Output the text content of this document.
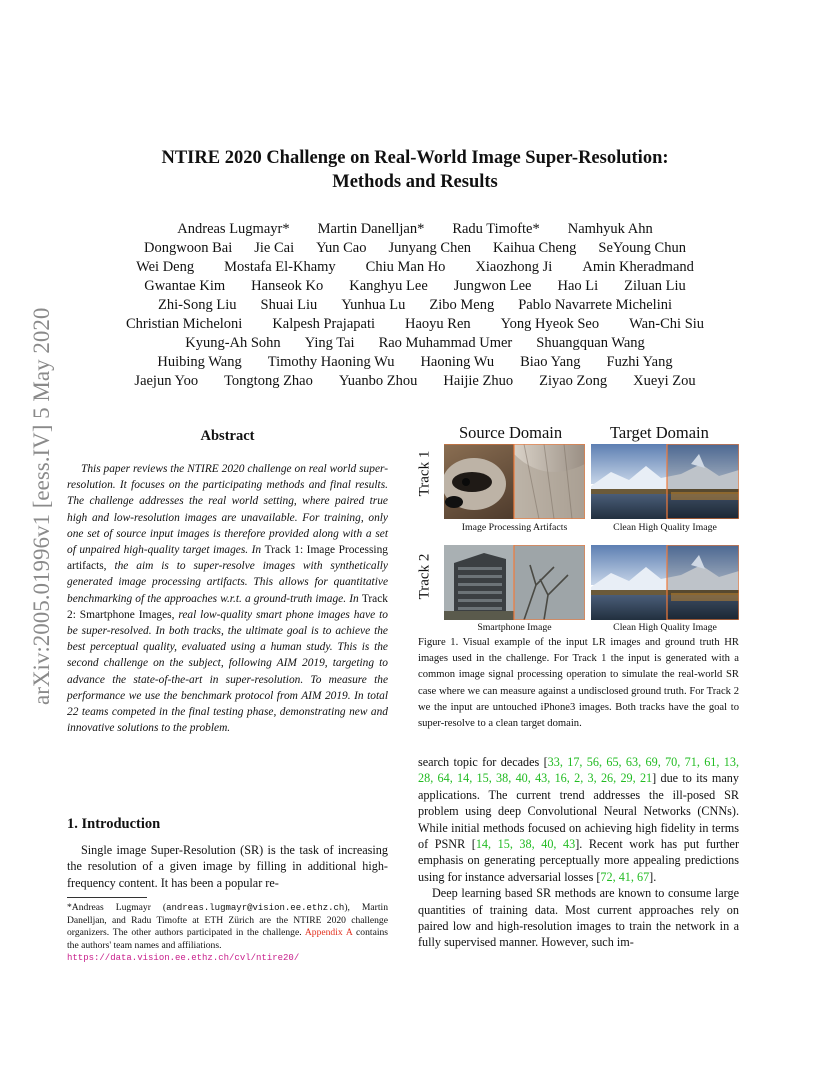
arXiv:2005.01996v1 [eess.IV] 5 May 2020
NTIRE 2020 Challenge on Real-World Image Super-Resolution:
Methods and Results
Andreas Lugmayr* Martin Danelljan* Radu Timofte* Namhyuk Ahn
Dongwoon Bai Jie Cai Yun Cao Junyang Chen Kaihua Cheng SeYoung Chun
Wei Deng Mostafa El-Khamy Chiu Man Ho Xiaozhong Ji Amin Kheradmand
Gwantae Kim Hanseok Ko Kanghyu Lee Jungwon Lee Hao Li Ziluan Liu
Zhi-Song Liu Shuai Liu Yunhua Lu Zibo Meng Pablo Navarrete Michelini
Christian Micheloni Kalpesh Prajapati Haoyu Ren Yong Hyeok Seo Wan-Chi Siu
Kyung-Ah Sohn Ying Tai Rao Muhammad Umer Shuangquan Wang
Huibing Wang Timothy Haoning Wu Haoning Wu Biao Yang Fuzhi Yang
Jaejun Yoo Tongtong Zhao Yuanbo Zhou Haijie Zhuo Ziyao Zong Xueyi Zou
Abstract
This paper reviews the NTIRE 2020 challenge on real world super-resolution. It focuses on the participating methods and final results. The challenge addresses the real world setting, where paired true high and low-resolution images are unavailable. For training, only one set of source input images is therefore provided along with a set of unpaired high-quality target images. In Track 1: Image Processing artifacts, the aim is to super-resolve images with synthetically generated image processing artifacts. This allows for quantitative benchmarking of the approaches w.r.t. a ground-truth image. In Track 2: Smartphone Images, real low-quality smart phone images have to be super-resolved. In both tracks, the ultimate goal is to achieve the best perceptual quality, evaluated using a human study. This is the second challenge on the subject, following AIM 2019, targeting to advance the state-of-the-art in super-resolution. To measure the performance we use the benchmark protocol from AIM 2019. In total 22 teams competed in the final testing phase, demonstrating new and innovative solutions to the problem.
1. Introduction
Single image Super-Resolution (SR) is the task of increasing the resolution of a given image by filling in additional high-frequency content. It has been a popular re-
*Andreas Lugmayr (andreas.lugmayr@vision.ee.ethz.ch), Martin Danelljan, and Radu Timofte at ETH Zürich are the NTIRE 2020 challenge organizers. The other authors participated in the challenge. Appendix A contains the authors' team names and affiliations.
https://data.vision.ee.ethz.ch/cvl/ntire20/
Source Domain	Target Domain
Track 1
Track 2
Image Processing Artifacts	Clean High Quality Image
Smartphone Image	Clean High Quality Image
Figure 1. Visual example of the input LR images and ground truth HR images used in the challenge. For Track 1 the input is generated with a common image signal processing operation to simulate the real-world SR case where we can measure against a undisclosed ground truth. For Track 2 we the input are untouched iPhone3 images. Both tracks have the goal to super-resolve to a clean target domain.

search topic for decades [33, 17, 56, 65, 63, 69, 70, 71, 61, 13, 28, 64, 14, 15, 38, 40, 43, 16, 2, 3, 26, 29, 21] due to its many applications. The current trend addresses the ill-posed SR problem using deep Convolutional Neural Networks (CNNs). While initial methods focused on achieving high fidelity in terms of PSNR [14, 15, 38, 40, 43]. Recent work has put further emphasis on generating perceptually more appealing predictions using for instance adversarial losses [72, 41, 67].

Deep learning based SR methods are known to consume large quantities of training data. Most current approaches rely on paired low and high-resolution images to train the network in a fully supervised manner. However, such im-
